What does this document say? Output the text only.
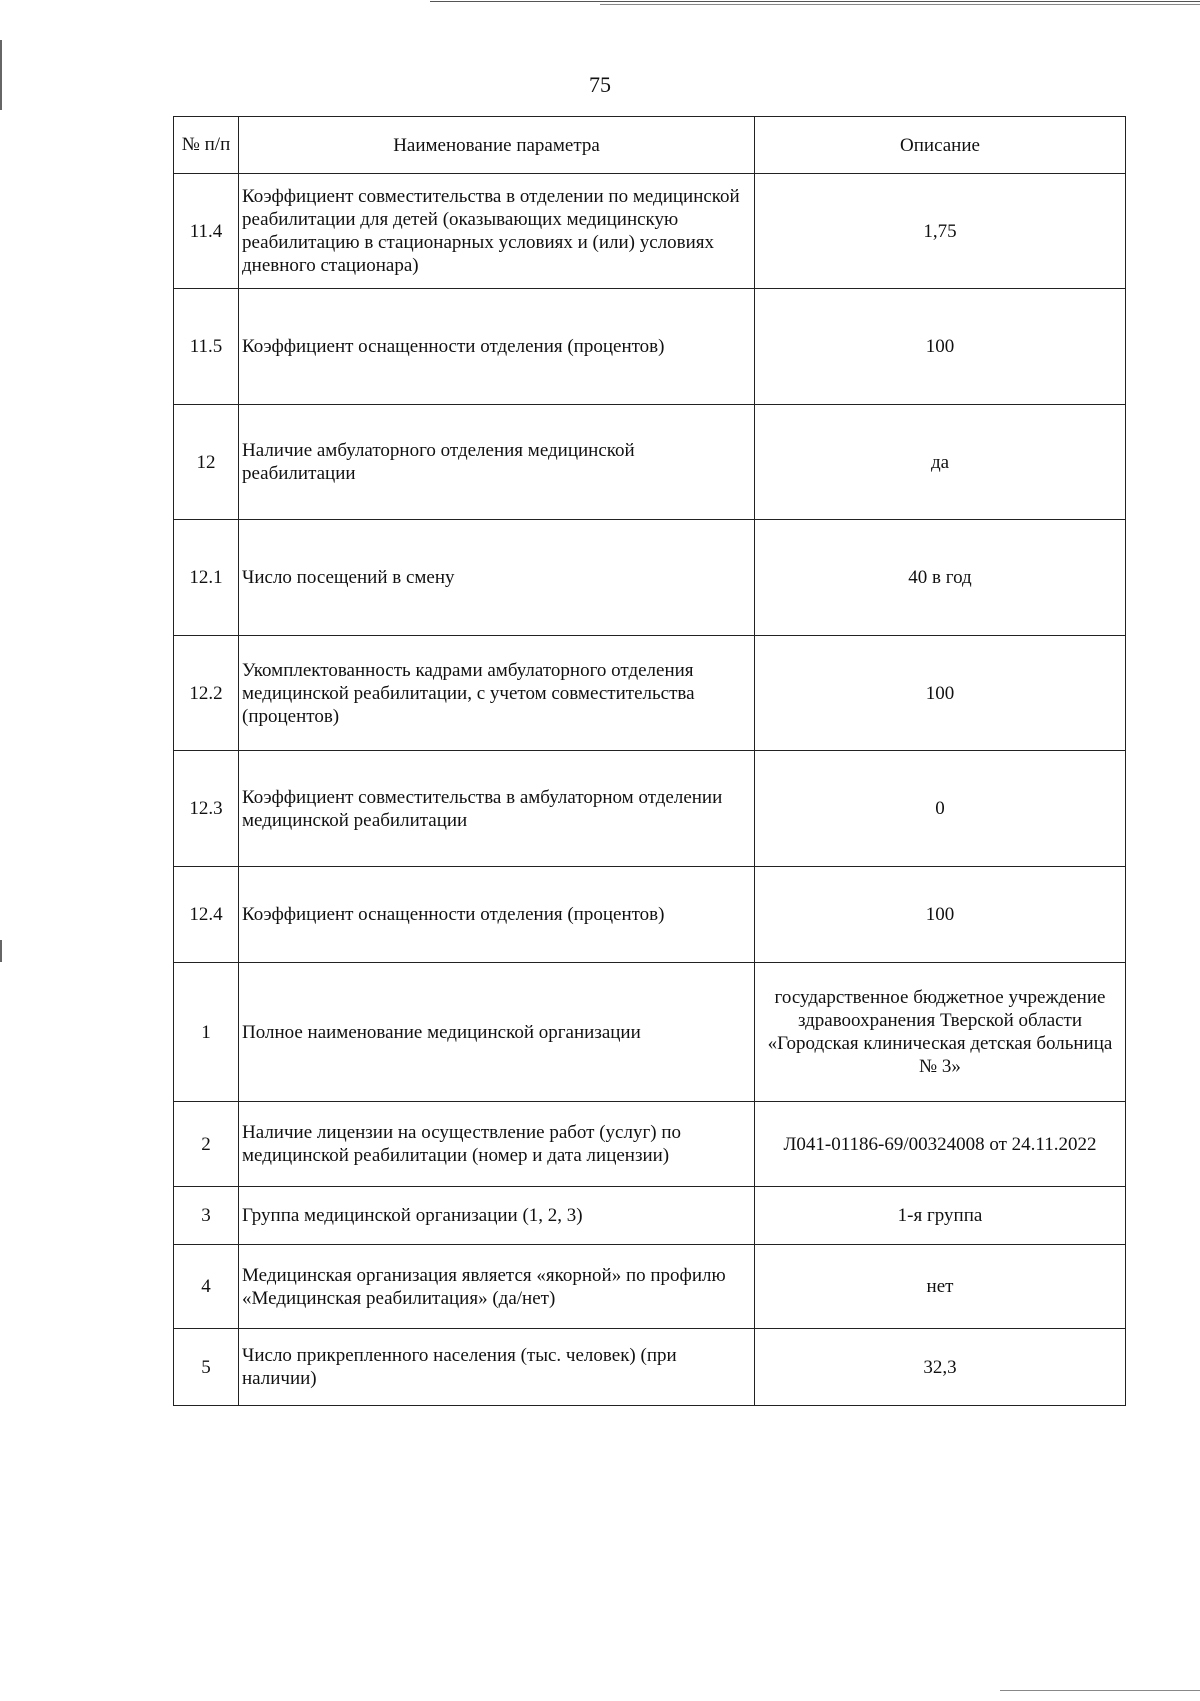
75
№ п/п	Наименование параметра	Описание
11.4	Коэффициент совместительства в отделении по медицинской реабилитации для детей (оказывающих медицинскую реабилитацию в стационарных условиях и (или) условиях дневного стационара)	1,75
11.5	Коэффициент оснащенности отделения (процентов)	100
12	Наличие амбулаторного отделения медицинской реабилитации	да
12.1	Число посещений в смену	40 в год
12.2	Укомплектованность кадрами амбулаторного отделения медицинской реабилитации, с учетом совместительства (процентов)	100
12.3	Коэффициент совместительства в амбулаторном отделении медицинской реабилитации	0
12.4	Коэффициент оснащенности отделения (процентов)	100
1	Полное наименование медицинской организации	государственное бюджетное учреждение здравоохранения Тверской области «Городская клиническая детская больница № 3»
2	Наличие лицензии на осуществление работ (услуг) по медицинской реабилитации (номер и дата лицензии)	Л041-01186-69/00324008 от 24.11.2022
3	Группа медицинской организации (1, 2, 3)	1-я группа
4	Медицинская организация является «якорной» по профилю «Медицинская реабилитация» (да/нет)	нет
5	Число прикрепленного населения (тыс. человек) (при наличии)	32,3
